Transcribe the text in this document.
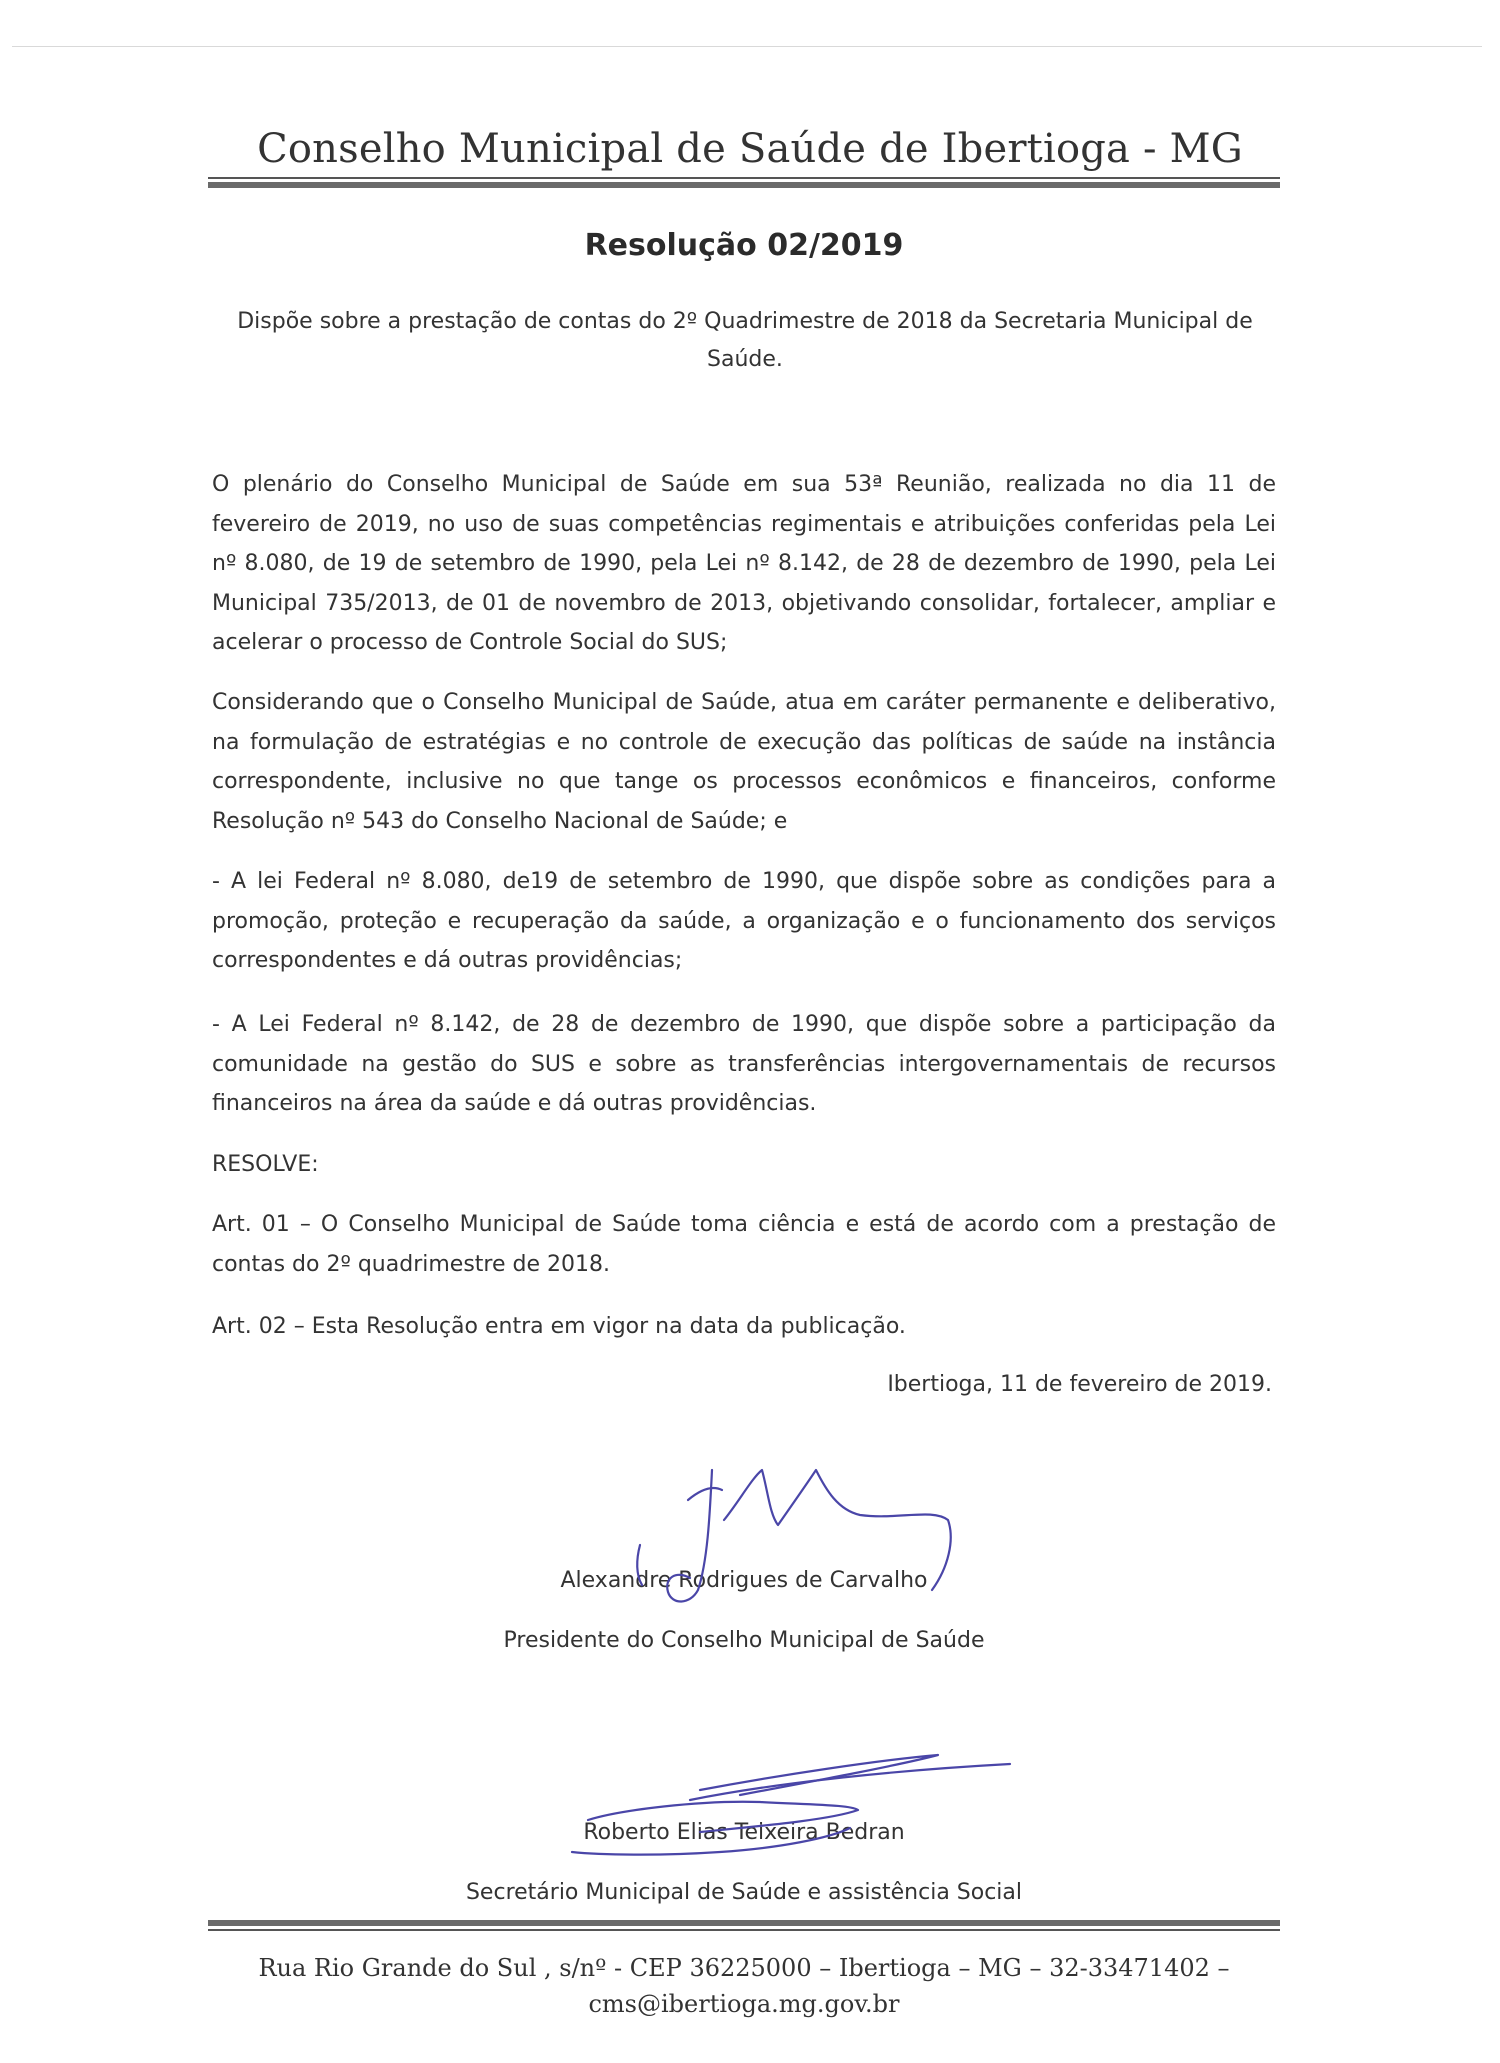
Conselho Municipal de Saúde de Ibertioga - MG
Resolução 02/2019
Dispõe sobre a prestação de contas do 2º Quadrimestre de 2018 da Secretaria Municipal de Saúde.

O plenário do Conselho Municipal de Saúde em sua 53ª Reunião, realizada no dia 11 de fevereiro de 2019, no uso de suas competências regimentais e atribuições conferidas pela Lei nº 8.080, de 19 de setembro de 1990, pela Lei nº 8.142, de 28 de dezembro de 1990, pela Lei Municipal 735/2013, de 01 de novembro de 2013, objetivando consolidar, fortalecer, ampliar e acelerar o processo de Controle Social do SUS;

Considerando que o Conselho Municipal de Saúde, atua em caráter permanente e deliberativo, na formulação de estratégias e no controle de execução das políticas de saúde na instância correspondente, inclusive no que tange os processos econômicos e financeiros, conforme Resolução nº 543 do Conselho Nacional de Saúde; e

- A lei Federal nº 8.080, de19 de setembro de 1990, que dispõe sobre as condições para a promoção, proteção e recuperação da saúde, a organização e o funcionamento dos serviços correspondentes e dá outras providências;

- A Lei Federal nº 8.142, de 28 de dezembro de 1990, que dispõe sobre a participação da comunidade na gestão do SUS e sobre as transferências intergovernamentais de recursos financeiros na área da saúde e dá outras providências.

RESOLVE:

Art. 01 – O Conselho Municipal de Saúde toma ciência e está de acordo com a prestação de contas do 2º quadrimestre de 2018.

Art. 02 – Esta Resolução entra em vigor na data da publicação.

Ibertioga, 11 de fevereiro de 2019.
Alexandre Rodrigues de Carvalho
Presidente do Conselho Municipal de Saúde
Roberto Elias Teixeira Bedran
Secretário Municipal de Saúde e assistência Social
Rua Rio Grande do Sul , s/nº - CEP 36225000 – Ibertioga – MG – 32-33471402 –
cms@ibertioga.mg.gov.br
